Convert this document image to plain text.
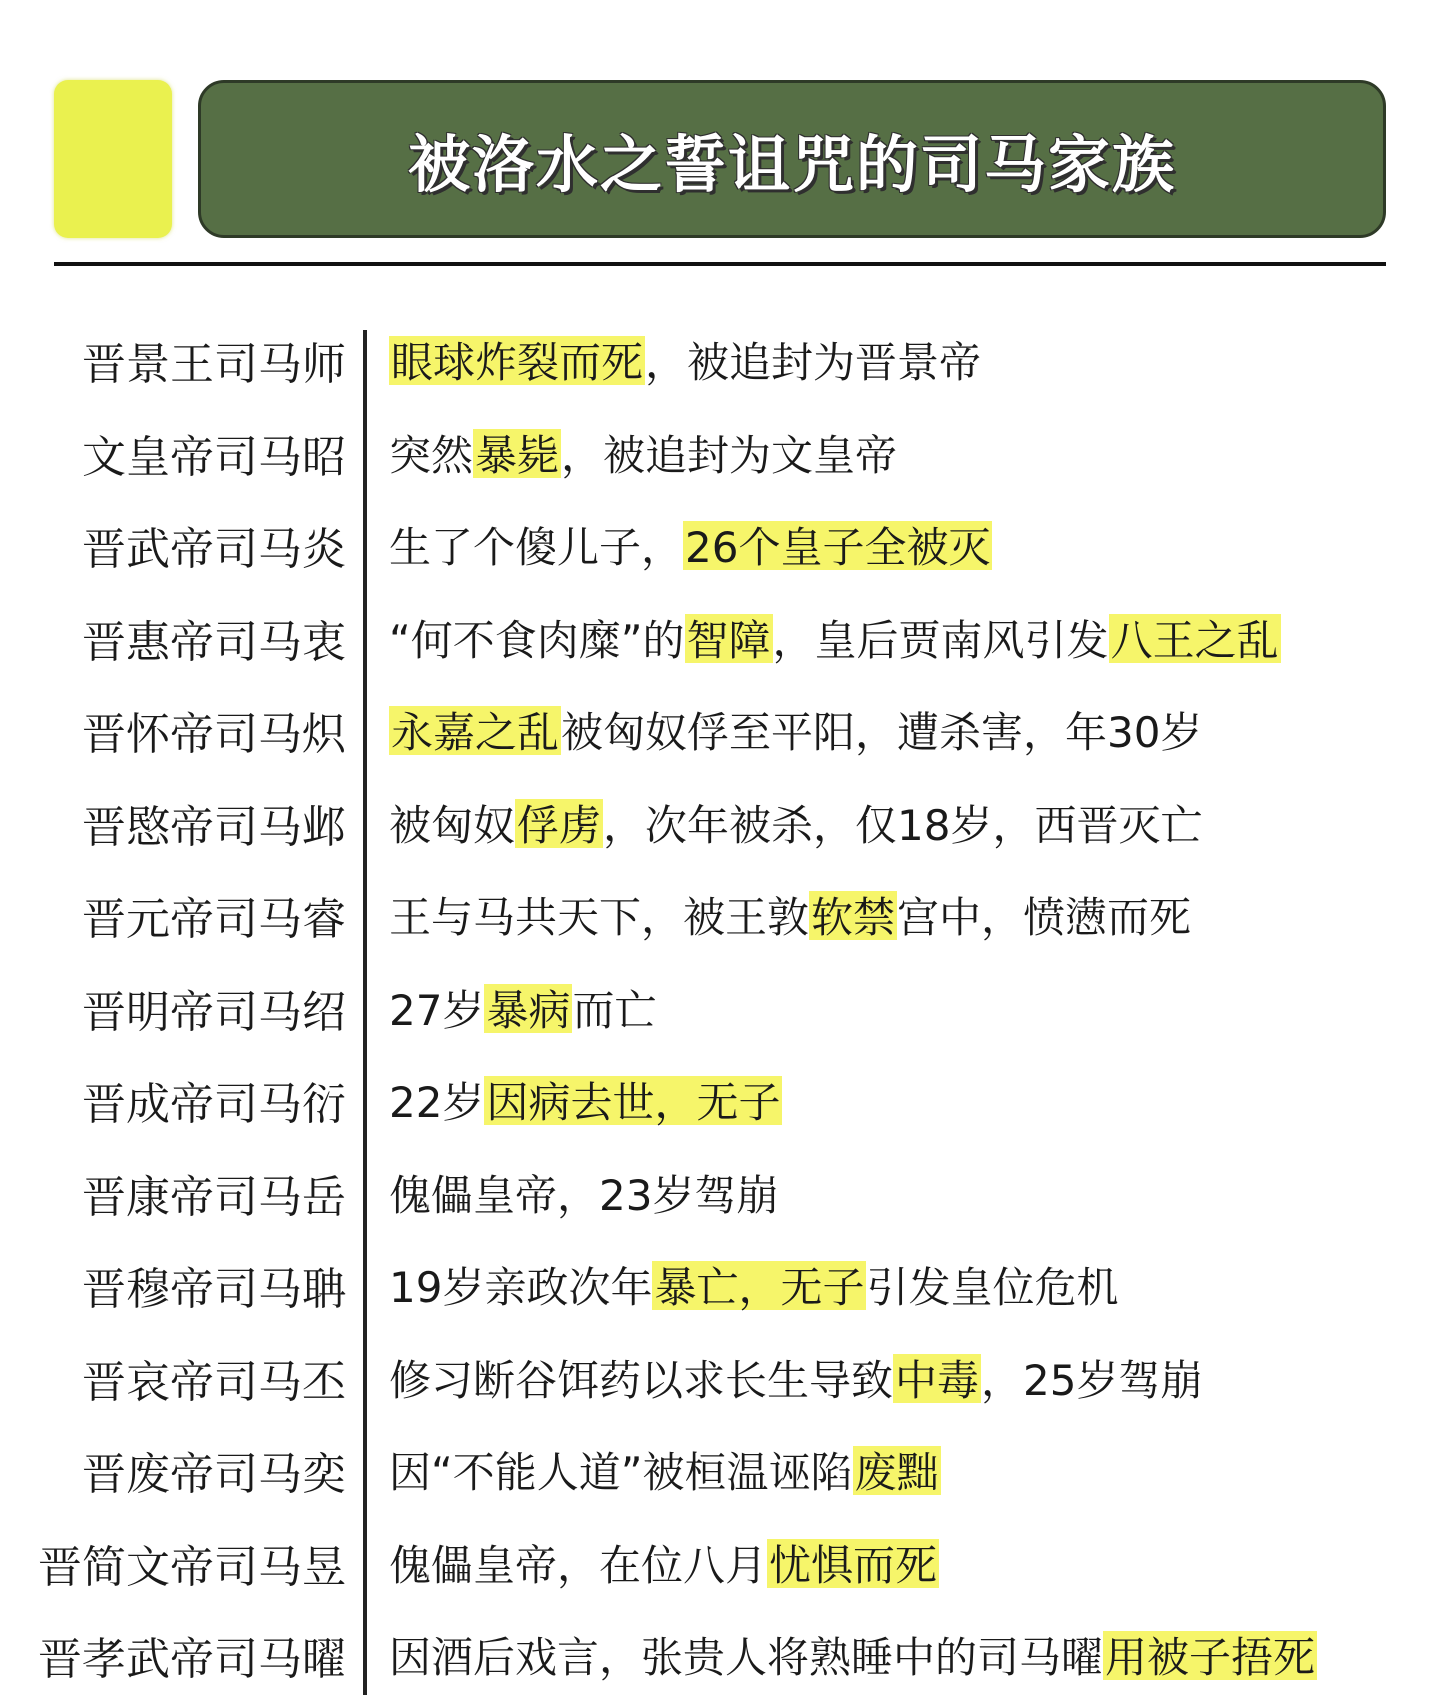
被洛水之誓诅咒的司马家族
晋景王司马师 眼球炸裂而死 ，被追封为晋景帝
文皇帝司马昭 突然 暴毙 ，被追封为文皇帝
晋武帝司马炎 生了个傻儿子， 26个皇子全被灭
晋惠帝司马衷 “何不食肉糜”的 智障 ，皇后贾南风引发 八王之乱
晋怀帝司马炽 永嘉之乱 被匈奴俘至平阳，遭杀害，年30岁
晋愍帝司马邺 被匈奴 俘虏 ，次年被杀，仅18岁，西晋灭亡
晋元帝司马睿 王与马共天下，被王敦 软禁 宫中，愤懑而死
晋明帝司马绍 27岁 暴病 而亡
晋成帝司马衍 22岁 因病去世，无子
晋康帝司马岳 傀儡皇帝，23岁驾崩
晋穆帝司马聃 19岁亲政次年 暴亡，无子 引发皇位危机
晋哀帝司马丕 修习断谷饵药以求长生导致 中毒 ，25岁驾崩
晋废帝司马奕 因“不能人道”被桓温诬陷 废黜
晋简文帝司马昱 傀儡皇帝，在位八月 忧惧而死
晋孝武帝司马曜 因酒后戏言，张贵人将熟睡中的司马曜 用被子捂死
